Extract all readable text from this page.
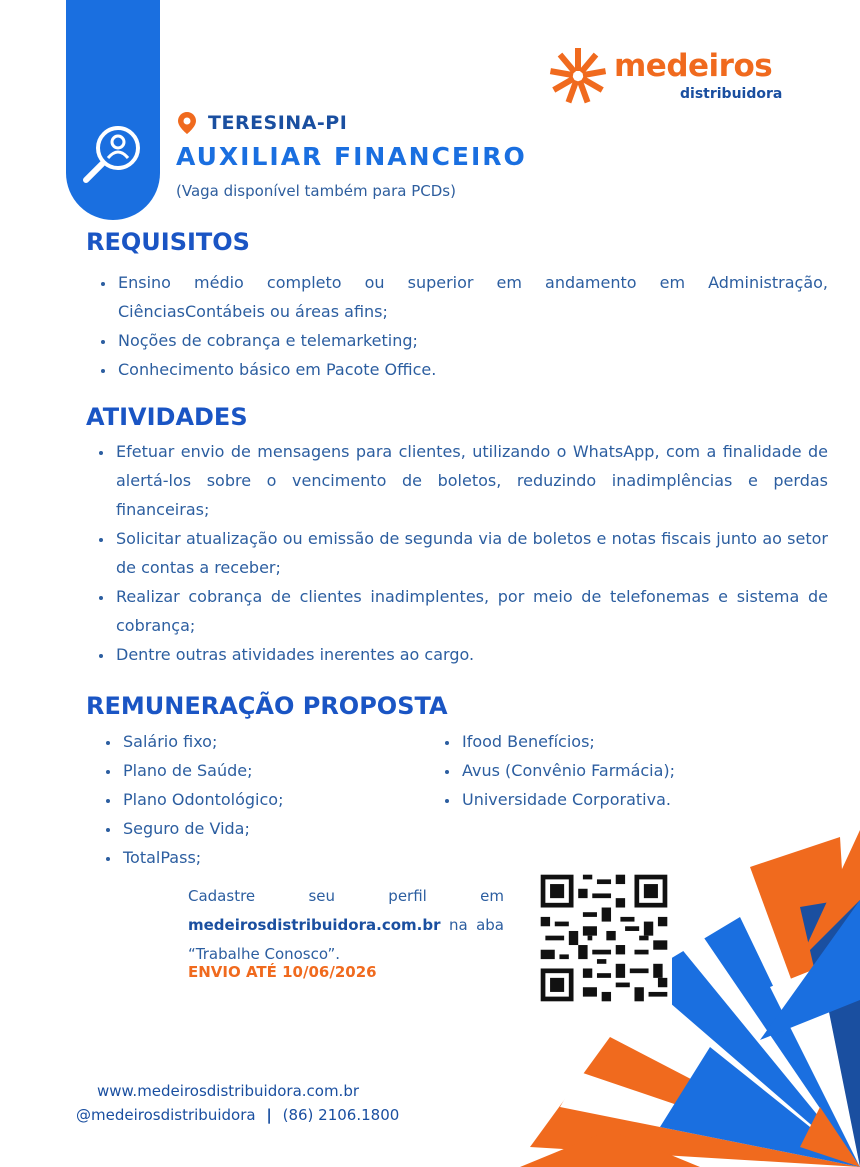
medeiros
distribuidora
TERESINA-PI
AUXILIAR FINANCEIRO
(Vaga disponível também para PCDs)
REQUISITOS
• Ensino médio completo ou superior em andamento em Administração, CiênciasContábeis ou áreas afins;
• Noções de cobrança e telemarketing;
• Conhecimento básico em Pacote Office.
ATIVIDADES
• Efetuar envio de mensagens para clientes, utilizando o WhatsApp, com a finalidade de alertá-los sobre o vencimento de boletos, reduzindo inadimplências e perdas financeiras;
• Solicitar atualização ou emissão de segunda via de boletos e notas fiscais junto ao setor de contas a receber;
• Realizar cobrança de clientes inadimplentes, por meio de telefonemas e sistema de cobrança;
• Dentre outras atividades inerentes ao cargo.
REMUNERAÇÃO PROPOSTA
• Salário fixo;
• Plano de Saúde;
• Plano Odontológico;
• Seguro de Vida;
• TotalPass;
• Ifood Benefícios;
• Avus (Convênio Farmácia);
• Universidade Corporativa.
Cadastre seu perfil em medeirosdistribuidora.com.br na aba “Trabalhe Conosco”.
ENVIO ATÉ 10/06/2026
www.medeirosdistribuidora.com.br
@medeirosdistribuidora | (86) 2106.1800
